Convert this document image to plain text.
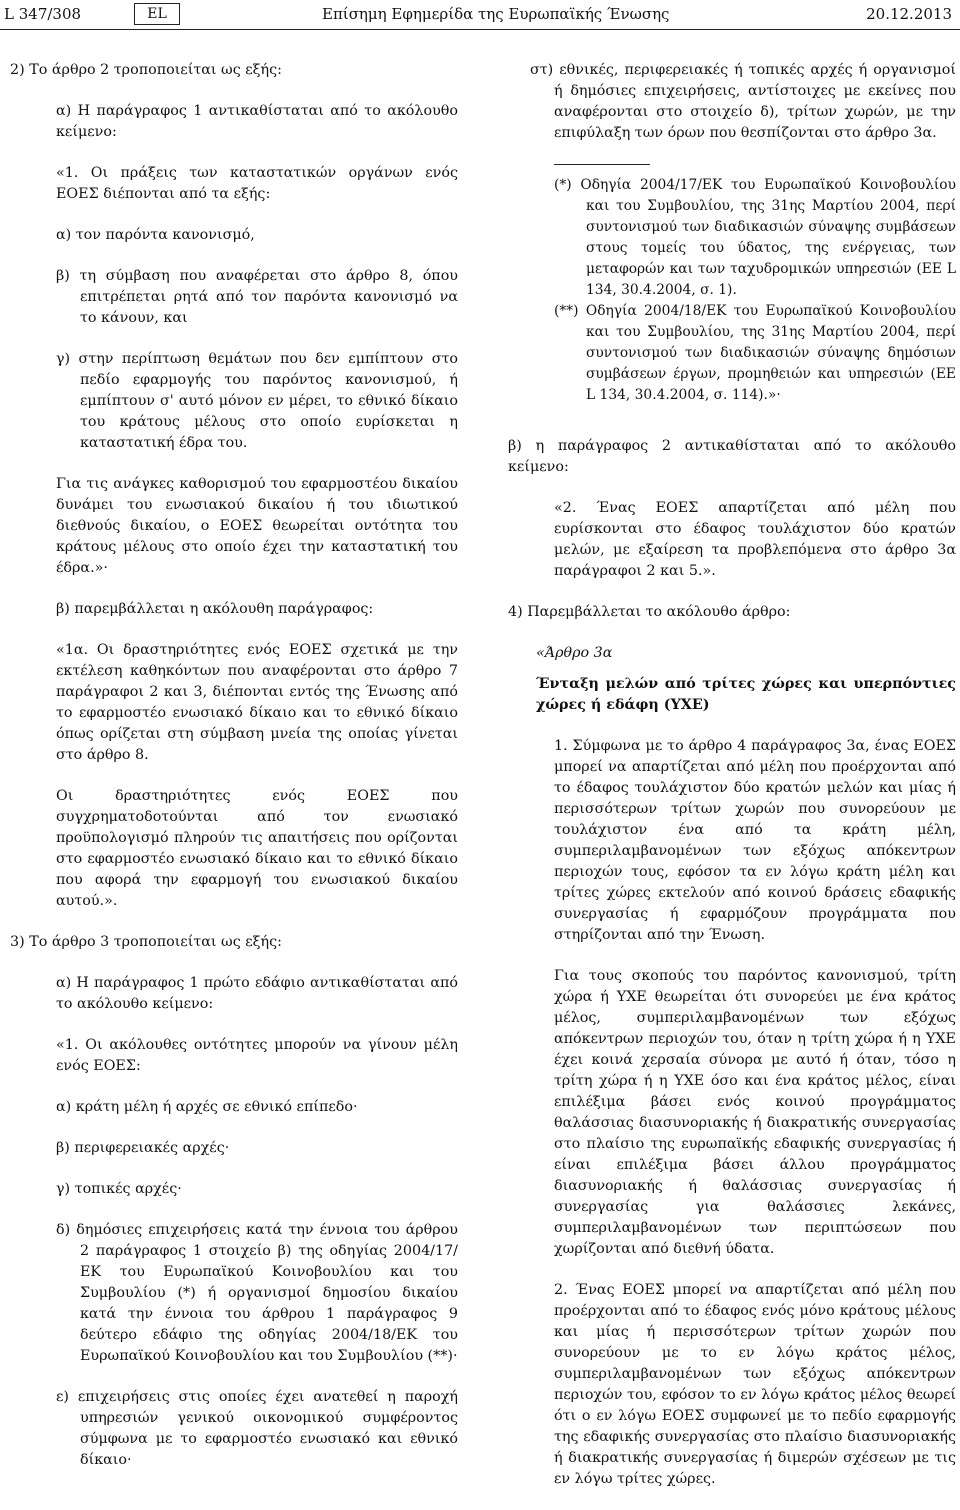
L 347/308	EL	Επίσημη Εφημερίδα της Ευρωπαϊκής Ένωσης	20.12.2013

2) Το άρθρο 2 τροποποιείται ως εξής:

α) Η παράγραφος 1 αντικαθίσταται από το ακόλουθο κείμενο:

«1. Οι πράξεις των καταστατικών οργάνων ενός ΕΟΕΣ διέπονται από τα εξής:

α) τον παρόντα κανονισμό,

β) τη σύμβαση που αναφέρεται στο άρθρο 8, όπου επιτρέπεται ρητά από τον παρόντα κανονισμό να το κάνουν, και

γ) στην περίπτωση θεμάτων που δεν εμπίπτουν στο πεδίο εφαρμογής του παρόντος κανονισμού, ή εμπίπτουν σ' αυτό μόνον εν μέρει, το εθνικό δίκαιο του κράτους μέλους στο οποίο ευρίσκεται η καταστατική έδρα του.

Για τις ανάγκες καθορισμού του εφαρμοστέου δικαίου δυνάμει του ενωσιακού δικαίου ή του ιδιωτικού διεθνούς δικαίου, ο ΕΟΕΣ θεωρείται οντότητα του κράτους μέλους στο οποίο έχει την καταστατική του έδρα.»·

β) παρεμβάλλεται η ακόλουθη παράγραφος:

«1α. Οι δραστηριότητες ενός ΕΟΕΣ σχετικά με την εκτέλεση καθηκόντων που αναφέρονται στο άρθρο 7 παράγραφοι 2 και 3, διέπονται εντός της Ένωσης από το εφαρμοστέο ενωσιακό δίκαιο και το εθνικό δίκαιο όπως ορίζεται στη σύμβαση μνεία της οποίας γίνεται στο άρθρο 8.

Οι δραστηριότητες ενός ΕΟΕΣ που συγχρηματοδοτούνται από τον ενωσιακό προϋπολογισμό πληρούν τις απαιτήσεις που ορίζονται στο εφαρμοστέο ενωσιακό δίκαιο και το εθνικό δίκαιο που αφορά την εφαρμογή του ενωσιακού δικαίου αυτού.».

3) Το άρθρο 3 τροποποιείται ως εξής:

α) Η παράγραφος 1 πρώτο εδάφιο αντικαθίσταται από το ακόλουθο κείμενο:

«1. Οι ακόλουθες οντότητες μπορούν να γίνουν μέλη ενός ΕΟΕΣ:

α) κράτη μέλη ή αρχές σε εθνικό επίπεδο·

β) περιφερειακές αρχές·

γ) τοπικές αρχές·

δ) δημόσιες επιχειρήσεις κατά την έννοια του άρθρου 2 παράγραφος 1 στοιχείο β) της οδηγίας 2004/17/ΕΚ του Ευρωπαϊκού Κοινοβουλίου και του Συμβουλίου (*) ή οργανισμοί δημοσίου δικαίου κατά την έννοια του άρθρου 1 παράγραφος 9 δεύτερο εδάφιο της οδηγίας 2004/18/ΕΚ του Ευρωπαϊκού Κοινοβουλίου και του Συμβουλίου (**)·

ε) επιχειρήσεις στις οποίες έχει ανατεθεί η παροχή υπηρεσιών γενικού οικονομικού συμφέροντος σύμφωνα με το εφαρμοστέο ενωσιακό και εθνικό δίκαιο·

στ) εθνικές, περιφερειακές ή τοπικές αρχές ή οργανισμοί ή δημόσιες επιχειρήσεις, αντίστοιχες με εκείνες που αναφέρονται στο στοιχείο δ), τρίτων χωρών, με την επιφύλαξη των όρων που θεσπίζονται στο άρθρο 3α.

(*) Οδηγία 2004/17/ΕΚ του Ευρωπαϊκού Κοινοβουλίου και του Συμβουλίου, της 31ης Μαρτίου 2004, περί συντονισμού των διαδικασιών σύναψης συμβάσεων στους τομείς του ύδατος, της ενέργειας, των μεταφορών και των ταχυδρομικών υπηρεσιών (ΕΕ L 134, 30.4.2004, σ. 1).

(**) Οδηγία 2004/18/ΕΚ του Ευρωπαϊκού Κοινοβουλίου και του Συμβουλίου, της 31ης Μαρτίου 2004, περί συντονισμού των διαδικασιών σύναψης δημόσιων συμβάσεων έργων, προμηθειών και υπηρεσιών (ΕΕ L 134, 30.4.2004, σ. 114).»·

β) η παράγραφος 2 αντικαθίσταται από το ακόλουθο κείμενο:

«2. Ένας ΕΟΕΣ απαρτίζεται από μέλη που ευρίσκονται στο έδαφος τουλάχιστον δύο κρατών μελών, με εξαίρεση τα προβλεπόμενα στο άρθρο 3α παράγραφοι 2 και 5.».

4) Παρεμβάλλεται το ακόλουθο άρθρο:

«Άρθρο 3α

Ένταξη μελών από τρίτες χώρες και υπερπόντιες χώρες ή εδάφη (ΥΧΕ)

1. Σύμφωνα με το άρθρο 4 παράγραφος 3α, ένας ΕΟΕΣ μπορεί να απαρτίζεται από μέλη που προέρχονται από το έδαφος τουλάχιστον δύο κρατών μελών και μίας ή περισσότερων τρίτων χωρών που συνορεύουν με τουλάχιστον ένα από τα κράτη μέλη, συμπεριλαμβανομένων των εξόχως απόκεντρων περιοχών τους, εφόσον τα εν λόγω κράτη μέλη και τρίτες χώρες εκτελούν από κοινού δράσεις εδαφικής συνεργασίας ή εφαρμόζουν προγράμματα που στηρίζονται από την Ένωση.

Για τους σκοπούς του παρόντος κανονισμού, τρίτη χώρα ή ΥΧΕ θεωρείται ότι συνορεύει με ένα κράτος μέλος, συμπεριλαμβανομένων των εξόχως απόκεντρων περιοχών του, όταν η τρίτη χώρα ή η ΥΧΕ έχει κοινά χερσαία σύνορα με αυτό ή όταν, τόσο η τρίτη χώρα ή η ΥΧΕ όσο και ένα κράτος μέλος, είναι επιλέξιμα βάσει ενός κοινού προγράμματος θαλάσσιας διασυνοριακής ή διακρατικής συνεργασίας στο πλαίσιο της ευρωπαϊκής εδαφικής συνεργασίας ή είναι επιλέξιμα βάσει άλλου προγράμματος διασυνοριακής ή θαλάσσιας συνεργασίας ή συνεργασίας για θαλάσσιες λεκάνες, συμπεριλαμβανομένων των περιπτώσεων που χωρίζονται από διεθνή ύδατα.

2. Ένας ΕΟΕΣ μπορεί να απαρτίζεται από μέλη που προέρχονται από το έδαφος ενός μόνο κράτους μέλους και μίας ή περισσότερων τρίτων χωρών που συνορεύουν με το εν λόγω κράτος μέλος, συμπεριλαμβανομένων των εξόχως απόκεντρων περιοχών του, εφόσον το εν λόγω κράτος μέλος θεωρεί ότι ο εν λόγω ΕΟΕΣ συμφωνεί με το πεδίο εφαρμογής της εδαφικής συνεργασίας στο πλαίσιο διασυνοριακής ή διακρατικής συνεργασίας ή διμερών σχέσεων με τις εν λόγω τρίτες χώρες.
